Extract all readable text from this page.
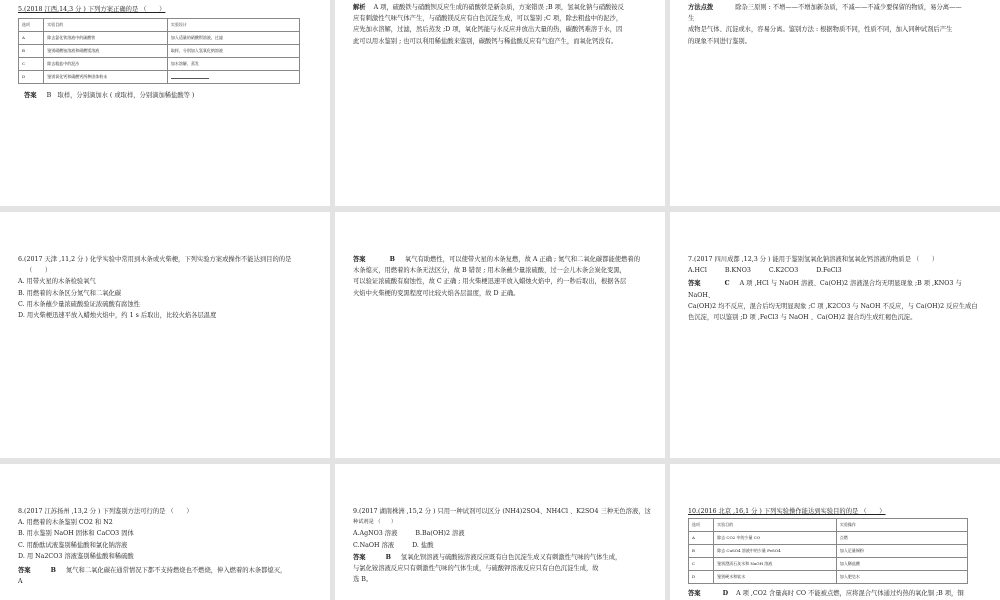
5.(2018 江西,14,3 分 ) 下列方案正确的是 （　　）

选项	实验目的	实验设计
A	除去氯化铁溶液中的硫酸铁	加入适量的硝酸钡溶液，过滤
B	鉴别硝酸铵溶液和硝酸镁溶液	取样，分别加入氢氧化钠溶液
C	除去粗盐中的泥沙	加水溶解，蒸发
D	鉴别氧化钙和碳酸钙两种固体粉末	

答案 B　取样，分别滴加水 ( 或取样，分别滴加稀盐酸等 )

解析 A 项，硫酸铁与硝酸钡反应生成的硝酸铁是新杂质，方案错误 ;B 项，氢氧化钠与硝酸铵反

应有刺激性气味气体产生，与硝酸镁反应有白色沉淀生成，可以鉴别 ;C 项，除去粗盐中的泥沙，

应先加水溶解，过滤，然后蒸发 ;D 项，氧化钙能与水反应并放出大量的热，碳酸钙难溶于水，因

此可以用水鉴别 ; 也可以利用稀盐酸来鉴别，碳酸钙与稀盐酸反应有气泡产生，而氧化钙没有。

方法点拨	除杂三原则 : 不增——不增加新杂质，不减——不减少要保留的物质，易分离——

生

成物是气体、沉淀或水，容易分离。鉴别方法 : 根据物质不同，性质不同，加入同种试剂后产生

的现象不同进行鉴别。

6.(2017 天津 ,11,2 分 ) 化学实验中常用到木条或火柴梗，下列实验方案或操作不能达到目的的是

（　　）

A. 用带火星的木条检验氧气

B. 用燃着的木条区分氮气和二氧化碳

C. 用木条蘸少量浓硫酸验证浓硫酸有腐蚀性

D. 用火柴梗迅速平放入蜡烛火焰中，约 1 s 后取出，比较火焰各层温度

答案	B 氧气有助燃性，可以使带火星的木条复燃，故 A 正确 ; 氮气和二氧化碳都能使燃着的

木条熄灭，用燃着的木条无法区分，故 B 错误 ; 用木条蘸少量浓硫酸，过一会儿木条会炭化变黑，

可以验证浓硫酸有腐蚀性，故 C 正确 ; 用火柴梗迅速平放入蜡烛火焰中，约一秒后取出，根据各层

火焰中火柴梗的变黑程度可比较火焰各层温度，故 D 正确。

7.(2017 四川成都 ,12,3 分 ) 能用于鉴别氢氧化钠溶液和氢氧化钙溶液的物质是 （　　）

A.HCl	B.KNO3	C.K2CO3	D.FeCl3

答案	C A 项 ,HCl 与 NaOH 溶液、Ca(OH)2 溶液混合均无明显现象 ;B 项 ,KNO3 与 NaOH、

Ca(OH)2 均不反应，混合后均无明显现象 ;C 项 ,K2CO3 与 NaOH 不反应，与 Ca(OH)2 反应生成白

色沉淀，可以鉴别 ;D 项 ,FeCl3 与 NaOH 、Ca(OH)2 混合均生成红褐色沉淀。

8.(2017 江苏扬州 ,13,2 分 ) 下列鉴别方法可行的是 （　　）

A. 用燃着的木条鉴别 CO2 和 N2

B. 用水鉴别 NaOH 固体和 CaCO3 固体

C. 用酚酞试液鉴别稀盐酸和氯化钠溶液

D. 用 Na2CO3 溶液鉴别稀盐酸和稀硫酸

答案	B 氮气和二氧化碳在通常情况下都不支持燃烧也不燃烧，伸入燃着的木条都熄灭，

A

9.(2017 湖南株洲 ,15,2 分 ) 只用一种试剂可以区分 (NH4)2SO4、NH4Cl 、K2SO4 三种无色溶液，这

种试剂是 （　　）

A.AgNO3 溶液	B.Ba(OH)2 溶液

C.NaOH 溶液	D. 盐酸

答案	B 氢氧化钡溶液与硫酸铵溶液反应既有白色沉淀生成又有刺激性气味的气体生成，

与氯化铵溶液反应只有刺激性气味的气体生成，与硫酸钾溶液反应只有白色沉淀生成，故

选 B。

10.(2016 北京 ,16,1 分 ) 下列实验操作能达到实验目的的是 （　　）

选项	实验目的	实验操作
A	除去 CO2 中的少量 CO	点燃
B	除去 CuSO4 溶液中的少量 FeSO4	加入足量铜粉
C	鉴别澄清石灰水和 NaOH 溶液	加入稀盐酸
D	鉴别硬水和软水	加入肥皂水

答案	D A 项 ,CO2 含量高时 CO 不能被点燃，应将混合气体通过灼热的氧化铜 ;B 项，铜
